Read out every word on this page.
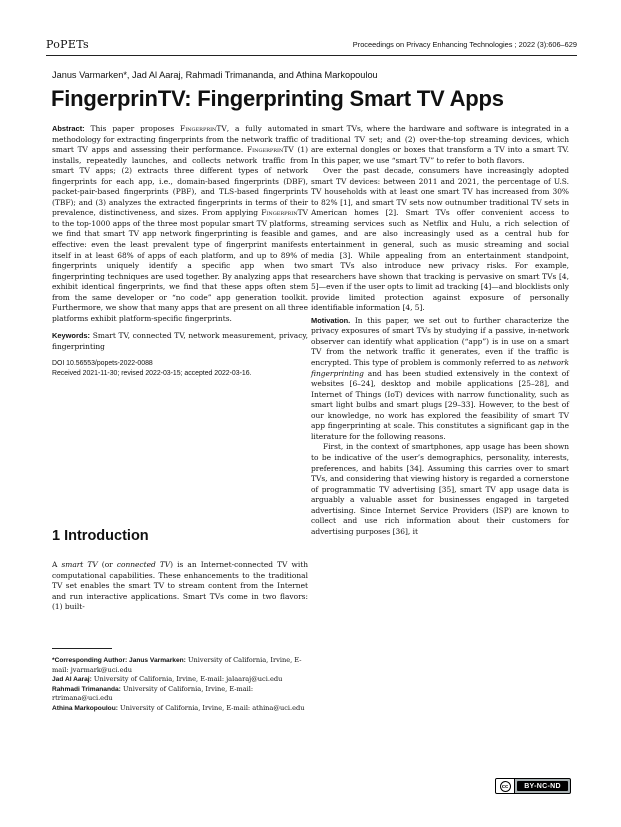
PoPETs	Proceedings on Privacy Enhancing Technologies ; 2022 (3):606–629
Janus Varmarken*, Jad Al Aaraj, Rahmadi Trimananda, and Athina Markopoulou
FingerprinTV: Fingerprinting Smart TV Apps

Abstract: This paper proposes FingerprinTV, a fully automated methodology for extracting fingerprints from the network traffic of smart TV apps and assessing their performance. FingerprinTV (1) installs, repeatedly launches, and collects network traffic from smart TV apps; (2) extracts three different types of network fingerprints for each app, i.e., domain-based fingerprints (DBF), packet-pair-based fingerprints (PBF), and TLS-based fingerprints (TBF); and (3) analyzes the extracted fingerprints in terms of their prevalence, distinctiveness, and sizes. From applying FingerprinTV to the top-1000 apps of the three most popular smart TV platforms, we find that smart TV app network fingerprinting is feasible and effective: even the least prevalent type of fingerprint manifests itself in at least 68% of apps of each platform, and up to 89% of fingerprints uniquely identify a specific app when two fingerprinting techniques are used together. By analyzing apps that exhibit identical fingerprints, we find that these apps often stem from the same developer or “no code” app generation toolkit. Furthermore, we show that many apps that are present on all three platforms exhibit platform-specific fingerprints.

Keywords: Smart TV, connected TV, network measurement, privacy, fingerprinting

DOI 10.56553/popets-2022-0088
Received 2021-11-30; revised 2022-03-15; accepted 2022-03-16.
1 Introduction

A smart TV (or connected TV) is an Internet-connected TV with computational capabilities. These enhancements to the traditional TV set enables the smart TV to stream content from the Internet and run interactive applications. Smart TVs come in two flavors: (1) built-

*Corresponding Author: Janus Varmarken: University of California, Irvine, E-mail: jvarmark@uci.edu

Jad Al Aaraj: University of California, Irvine, E-mail: jalaaraj@uci.edu

Rahmadi Trimananda: University of California, Irvine, E-mail: rtrimana@uci.edu

Athina Markopoulou: University of California, Irvine, E-mail: athina@uci.edu

in smart TVs, where the hardware and software is integrated in a traditional TV set; and (2) over-the-top streaming devices, which are external dongles or boxes that transform a TV into a smart TV. In this paper, we use “smart TV” to refer to both flavors.

Over the past decade, consumers have increasingly adopted smart TV devices: between 2011 and 2021, the percentage of U.S. TV households with at least one smart TV has increased from 30% to 82% [1], and smart TV sets now outnumber traditional TV sets in American homes [2]. Smart TVs offer convenient access to streaming services such as Netflix and Hulu, a rich selection of games, and are also increasingly used as a central hub for entertainment in general, such as music streaming and social media [3]. While appealing from an entertainment standpoint, smart TVs also introduce new privacy risks. For example, researchers have shown that tracking is pervasive on smart TVs [4, 5]—even if the user opts to limit ad tracking [4]—and blocklists only provide limited protection against exposure of personally identifiable information [4, 5].

Motivation. In this paper, we set out to further characterize the privacy exposures of smart TVs by studying if a passive, in-network observer can identify what application (“app”) is in use on a smart TV from the network traffic it generates, even if the traffic is encrypted. This type of problem is commonly referred to as network fingerprinting and has been studied extensively in the context of websites [6–24], desktop and mobile applications [25–28], and Internet of Things (IoT) devices with narrow functionality, such as smart light bulbs and smart plugs [29–33]. However, to the best of our knowledge, no work has explored the feasibility of smart TV app fingerprinting at scale. This constitutes a significant gap in the literature for the following reasons.

First, in the context of smartphones, app usage has been shown to be indicative of the user’s demographics, personality, interests, preferences, and habits [34]. Assuming this carries over to smart TVs, and considering that viewing history is regarded a cornerstone of programmatic TV advertising [35], smart TV app usage data is arguably a valuable asset for businesses engaged in targeted advertising. Since Internet Service Providers (ISP) are known to collect and use rich information about their customers for advertising purposes [36], it

cc	BY-NC-ND
